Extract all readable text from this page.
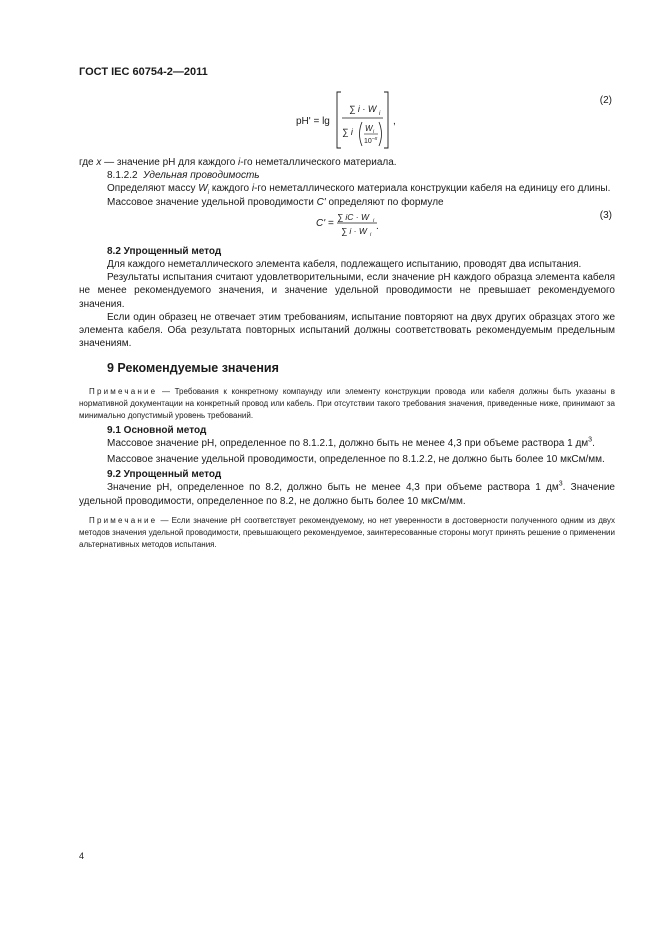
ГОСТ IEC 60754-2—2011
pH' = lg
∑ i · W i
∑ i W i
10 –x
,
(2)

где x — значение pH для каждого i-го неметаллического материала.

8.1.2.2 Удельная проводимость

Определяют массу $W_i$ каждого i-го неметаллического материала конструкции кабеля на единицу его длины.

Массовое значение удельной проводимости C' определяют по формуле

C' =
∑ iC · W i
∑ i · W i
.
(3)

8.2 Упрощенный метод

Для каждого неметаллического элемента кабеля, подлежащего испытанию, проводят два испытания.

Результаты испытания считают удовлетворительными, если значение pH каждого образца элемента кабеля не менее рекомендуемого значения, и значение удельной проводимости не превышает рекомендуемого значения.

Если один образец не отвечает этим требованиям, испытание повторяют на двух других образцах этого же элемента кабеля. Оба результата повторных испытаний должны соответствовать рекомендуемым предельным значениям.

9 Рекомендуемые значения

Примечание — Требования к конкретному компаунду или элементу конструкции провода или кабеля должны быть указаны в нормативной документации на конкретный провод или кабель. При отсутствии такого требования значения, приведенные ниже, принимают за минимально допустимый уровень требований.

9.1 Основной метод

Массовое значение pH, определенное по 8.1.2.1, должно быть не менее 4,3 при объеме раствора 1 $дм^3$.

Массовое значение удельной проводимости, определенное по 8.1.2.2, не должно быть более 10 мкСм/мм.

9.2 Упрощенный метод

Значение pH, определенное по 8.2, должно быть не менее 4,3 при объеме раствора 1 $дм^3$. Значение удельной проводимости, определенное по 8.2, не должно быть более 10 мкСм/мм.

Примечание — Если значение pH соответствует рекомендуемому, но нет уверенности в достоверности полученного одним из двух методов значения удельной проводимости, превышающего рекомендуемое, заинтересованные стороны могут принять решение о применении альтернативных методов испытания.

4
